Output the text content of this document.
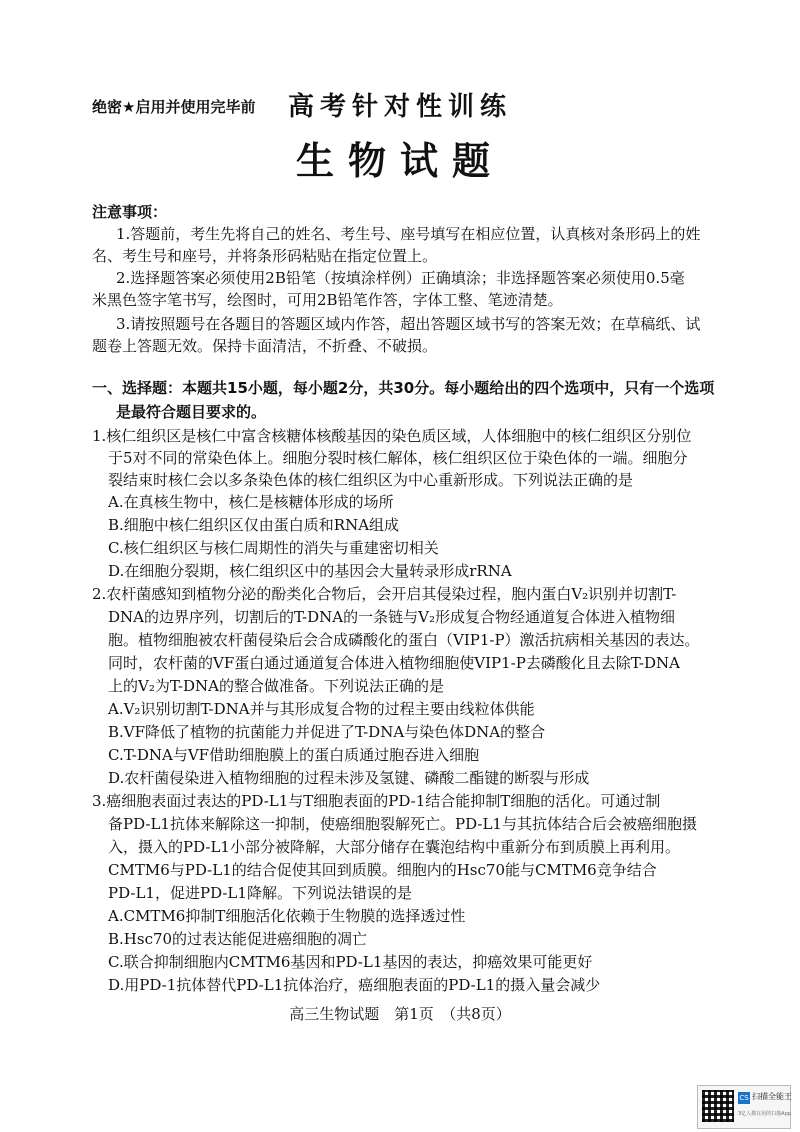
绝密★启用并使用完毕前	高考针对性训练
生物试题
注意事项：
1.答题前，考生先将自己的姓名、考生号、座号填写在相应位置，认真核对条形码上的姓
名、考生号和座号，并将条形码粘贴在指定位置上。
2.选择题答案必须使用2B铅笔（按填涂样例）正确填涂；非选择题答案必须使用0.5毫
米黑色签字笔书写，绘图时，可用2B铅笔作答，字体工整、笔迹清楚。
3.请按照题号在各题目的答题区域内作答，超出答题区域书写的答案无效；在草稿纸、试
题卷上答题无效。保持卡面清洁，不折叠、不破损。
一、选择题：本题共15小题，每小题2分，共30分。每小题给出的四个选项中，只有一个选项
是最符合题目要求的。
1.核仁组织区是核仁中富含核糖体核酸基因的染色质区域，人体细胞中的核仁组织区分别位
于5对不同的常染色体上。细胞分裂时核仁解体，核仁组织区位于染色体的一端。细胞分
裂结束时核仁会以多条染色体的核仁组织区为中心重新形成。下列说法正确的是
A.在真核生物中，核仁是核糖体形成的场所
B.细胞中核仁组织区仅由蛋白质和RNA组成
C.核仁组织区与核仁周期性的消失与重建密切相关
D.在细胞分裂期，核仁组织区中的基因会大量转录形成rRNA
2.农杆菌感知到植物分泌的酚类化合物后，会开启其侵染过程，胞内蛋白V₂识别并切割T-
DNA的边界序列，切割后的T-DNA的一条链与V₂形成复合物经通道复合体进入植物细
胞。植物细胞被农杆菌侵染后会合成磷酸化的蛋白（VIP1-P）激活抗病相关基因的表达。
同时，农杆菌的VF蛋白通过通道复合体进入植物细胞使VIP1-P去磷酸化且去除T-DNA
上的V₂为T-DNA的整合做准备。下列说法正确的是
A.V₂识别切割T-DNA并与其形成复合物的过程主要由线粒体供能
B.VF降低了植物的抗菌能力并促进了T-DNA与染色体DNA的整合
C.T-DNA与VF借助细胞膜上的蛋白质通过胞吞进入细胞
D.农杆菌侵染进入植物细胞的过程未涉及氢键、磷酸二酯键的断裂与形成
3.癌细胞表面过表达的PD-L1与T细胞表面的PD-1结合能抑制T细胞的活化。可通过制
备PD-L1抗体来解除这一抑制，使癌细胞裂解死亡。PD-L1与其抗体结合后会被癌细胞摄
入，摄入的PD-L1小部分被降解，大部分储存在囊泡结构中重新分布到质膜上再利用。
CMTM6与PD-L1的结合促使其回到质膜。细胞内的Hsc70能与CMTM6竞争结合
PD-L1，促进PD-L1降解。下列说法错误的是
A.CMTM6抑制T细胞活化依赖于生物膜的选择透过性
B.Hsc70的过表达能促进癌细胞的凋亡
C.联合抑制细胞内CMTM6基因和PD-L1基因的表达，抑癌效果可能更好
D.用PD-1抗体替代PD-L1抗体治疗，癌细胞表面的PD-L1的摄入量会减少
高三生物试题　第1页　（共8页）
CS 扫描全能王
3亿人都在用的扫描App
